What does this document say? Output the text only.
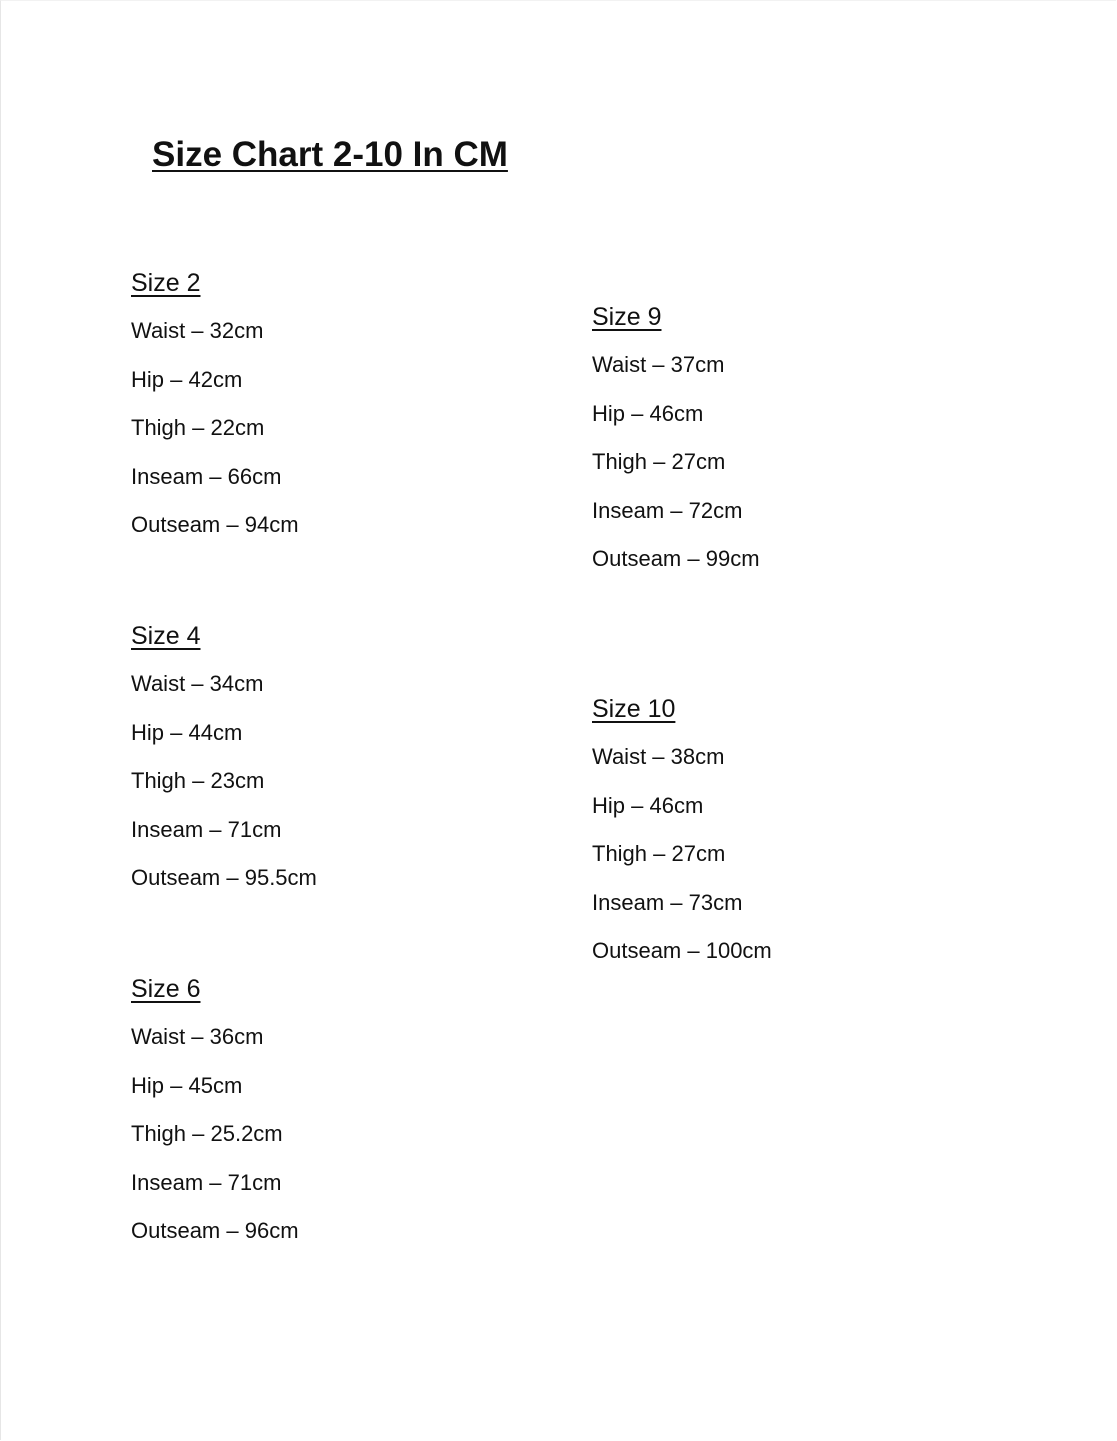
Size Chart 2-10 In CM
Size 2
Waist – 32cm
Hip – 42cm
Thigh – 22cm
Inseam – 66cm
Outseam – 94cm
Size 4
Waist – 34cm
Hip – 44cm
Thigh – 23cm
Inseam – 71cm
Outseam – 95.5cm
Size 6
Waist – 36cm
Hip – 45cm
Thigh – 25.2cm
Inseam – 71cm
Outseam – 96cm
Size 9
Waist – 37cm
Hip – 46cm
Thigh – 27cm
Inseam – 72cm
Outseam – 99cm
Size 10
Waist – 38cm
Hip – 46cm
Thigh – 27cm
Inseam – 73cm
Outseam – 100cm
